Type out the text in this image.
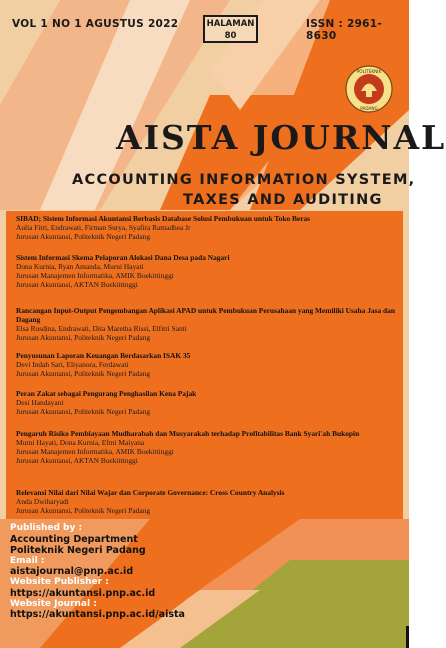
VOL 1 NO 1 AGUSTUS 2022	HALAMAN
80
ISSN : 2961-8630
POLITEKNIK
PADANG
AISTA JOURNAL
ACCOUNTING INFORMATION SYSTEM,
TAXES AND AUDITING
SIBAD; Sistem Informasi Akuntansi Berbasis Database Solusi Pembukuan untuk Toko Beras
Aulia Fitri, Endrawati, Firman Surya, Syafira Ramadhea Jr
Jurusan Akuntansi, Politeknik Negeri Padang
Sistem Informasi Skema Pelaporan Alokasi Dana Desa pada Nagari
Dona Kurnia, Ryan Amanda, Murni Hayati
Jurusan Manajemen Informatika, AMIK Boekittinggi
Jurusan Akuntansi, AKTAN Boekittinggi
Rancangan Input-Output Pengembangan Aplikasi APAD untuk Pembukuan Perusahaan yang Memiliki Usaha Jasa dan Dagang
Elsa Rusdina, Endrawati, Dita Maretha Rissi, Elfitri Santi
Jurusan Akuntansi, Politeknik Negeri Padang
Penyusunan Laporan Keuangan Berdasarkan ISAK 35
Devi Indah Sari, Eliyanora, Ferdawati
Jurusan Akuntansi, Politeknik Negeri Padang
Peran Zakat sebagai Pengurang Penghasilan Kena Pajak
Desi Handayani
Jurusan Akuntansi, Politeknik Negeri Padang
Pengaruh Risiko Pembiayaan Mudharabah dan Musyarakah terhadap Profitabilitas Bank Syari'ah Bukopin
Murni Hayati, Dona Kurnia, Efmi Maiyana
Jurusan Manajemen Informatika, AMIK Boekittinggi
Jurusan Akuntansi, AKTAN Boekittinggi
Relevansi Nilai dari Nilai Wajar dan Corporate Governance: Cross Country Analysis
Anda Dwiharyadi
Jurusan Akuntansi, Politeknik Negeri Padang
Published by :
Accounting Department
Politeknik Negeri Padang
Email :
aistajournal@pnp.ac.id
Website Publisher :
https://akuntansi.pnp.ac.id
Website Journal :
https://akuntansi.pnp.ac.id/aista
